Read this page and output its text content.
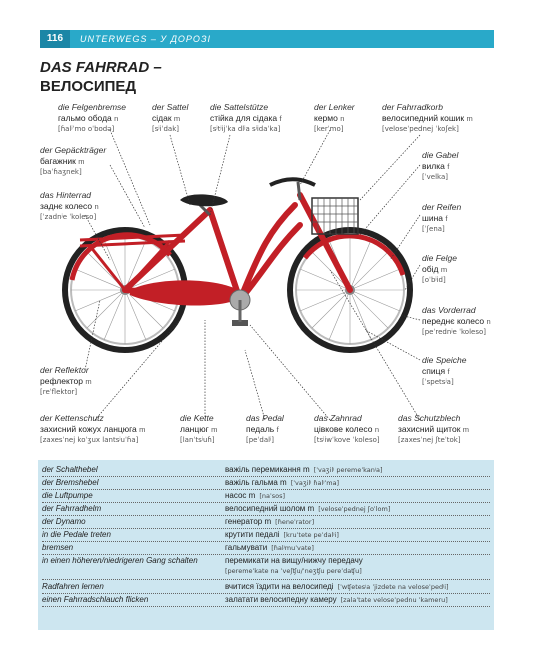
116	UNTERWEGS – У ДОРОЗІ
DAS FAHRRAD –
ВЕЛОСИПЕД
die Felgenbremse
гальмо обода n
[ɦalʲˈmo oˈbodə]
der Sattel
сідак m
[sʲiˈdak]
die Sattelstütze
стійка для сідака f
[sʲtʲijˈka dlʲa sʲidaˈka]
der Lenker
кермо n
[kerˈmo]
der Fahrradkorb
велосипедний кошик m
[veloseˈpednej ˈkoʃek]
der Gepäckträger
багажник m
[baˈɦaʒnek]
das Hinterrad
заднє колесо n
[ˈzadnʲe ˈkoleso]
die Gabel
вилка f
[ˈvelka]
der Reifen
шина f
[ˈʃena]
die Felge
обід m
[oˈbʲid]
das Vorderrad
переднє колесо n
[peˈrednʲe ˈkoleso]
die Speiche
спиця f
[ˈspetsʲa]
der Reflektor
рефлектор m
[reˈflektor]
der Kettenschutz
захисний кожух ланцюга m
[zaxesˈnej koˈʒux lantsʲuˈɦa]
die Kette
ланцюг m
[lanˈtsʲuɦ]
das Pedal
педаль f
[peˈdalʲ]
das Zahnrad
цівкове колесо n
[tsʲiwˈkove ˈkoleso]
das Schutzblech
захисний щиток m
[zaxesˈnej ʃteˈtok]
der Schalthebel	важіль перемикання m [ˈvaʒilʲ peremeˈkanʲa]
der Bremshebel	важіль гальма m [ˈvaʒilʲ ɦalʲˈma]
die Luftpumpe	насос m [naˈsos]
der Fahrradhelm	велосипедний шолом m [veloseˈpednej ʃoˈlom]
der Dynamo	генератор m [ɦeneˈrator]
in die Pedale treten	крутити педалі [kruˈtete peˈdalʲi]
bremsen	гальмувати [ɦalʲmuˈvate]
in einen höheren/niedrigeren Gang schalten	перемикати на вищу/нижчу передачу
[peremeˈkate na ˈveʃʧu/ˈneʒʧu pereˈdaʧu]
Radfahren lernen	вчитися їздити на велосипеді [ˈwʧetesʲa ˈjizdete na veloseˈpedʲi]
einen Fahrradschlauch flicken	залатати велосипедну камеру [zalaˈtate veloseˈpednu ˈkameru]
